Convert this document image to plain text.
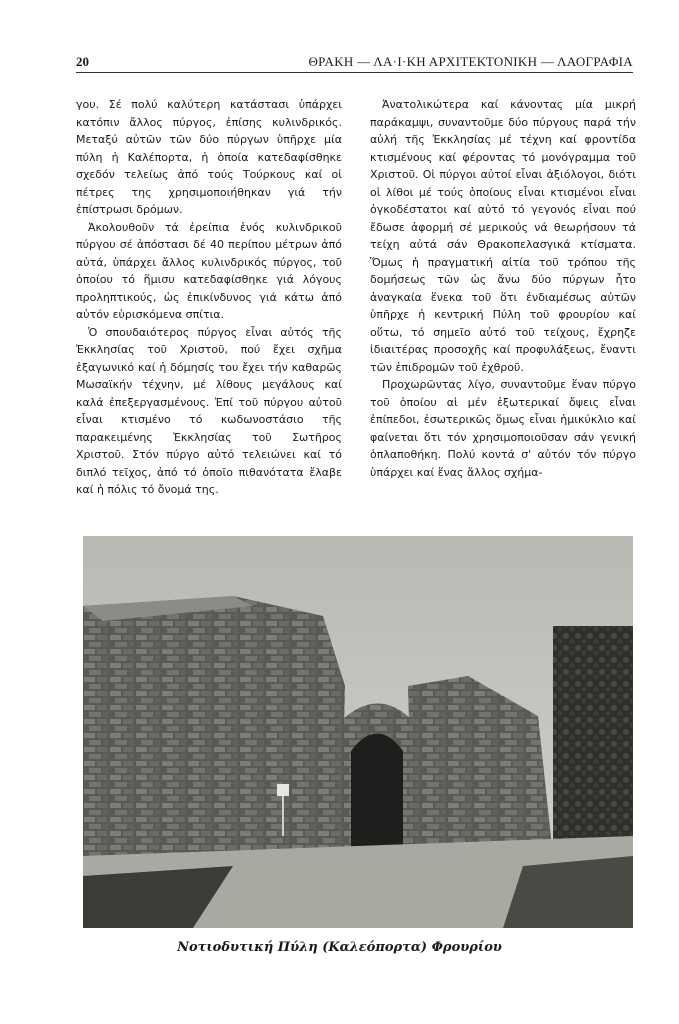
20	ΘΡΑΚΗ — ΛΑ·Ι·ΚΗ ΑΡΧΙΤΕΚΤΟΝΙΚΗ — ΛΑΟΓΡΑΦΙΑ

γου. Σέ πολύ καλύτερη κατάστασι ὑπάρχει κατόπιν ἄλλος πύργος, ἐπίσης κυλινδρικός. Μεταξύ αὐτῶν τῶν δύο πύργων ὑπῆρχε μία πύλη ἡ Καλέπορτα, ἡ ὁποία κατεδαφίσθηκε σχεδόν τελείως ἀπό τούς Τούρκους καί οἱ πέτρες της χρησιμοποιήθηκαν γιά τήν ἐπίστρωσι δρόμων.

Ἀκολουθοῦν τά ἐρείπια ἑνός κυλινδρικοῦ πύργου σέ ἀπόστασι δέ 40 περίπου μέτρων ἀπό αὐτά, ὑπάρχει ἄλλος κυλινδρικός πύργος, τοῦ ὁποίου τό ἥμισυ κατεδαφίσθηκε γιά λόγους προληπτικούς, ὡς ἐπικίνδυνος γιά κάτω ἀπό αὐτόν εὑρισκόμενα σπίτια.

Ὁ σπουδαιότερος πύργος εἶναι αὐτός τῆς Ἐκκλησίας τοῦ Χριστοῦ, πού ἔχει σχῆμα ἑξαγωνικό καί ἡ δόμησίς του ἔχει τήν καθαρῶς Μωσαϊκήν τέχνην, μέ λίθους μεγάλους καί καλά ἐπεξεργασμένους. Ἐπί τοῦ πύργου αὐτοῦ εἶναι κτισμένο τό κωδωνοστάσιο τῆς παρακειμένης Ἐκκλησίας τοῦ Σωτῆρος Χριστοῦ. Στόν πύργο αὐτό τελειώνει καί τό διπλό τεῖχος, ἀπό τό ὁποῖο πιθανότατα ἔλαβε καί ἡ πόλις τό ὄνομά της.

Ἀνατολικώτερα καί κάνοντας μία μικρή παράκαμψι, συναντοῦμε δύο πύργους παρά τήν αὐλή τῆς Ἐκκλησίας μέ τέχνη καί φροντίδα κτισμένους καί φέροντας τό μονόγραμμα τοῦ Χριστοῦ. Οἱ πύργοι αὐτοί εἶναι ἀξιόλογοι, διότι οἱ λίθοι μέ τούς ὁποίους εἶναι κτισμένοι εἶναι ὀγκοδέστατοι καί αὐτό τό γεγονός εἶναι πού ἔδωσε ἀφορμή σέ μερικούς νά θεωρήσουν τά τείχη αὐτά σάν Θρακοπελασγικά κτίσματα. Ὅμως ἡ πραγματική αἰτία τοῦ τρόπου τῆς δομήσεως τῶν ὡς ἄνω δύο πύργων ἦτο ἀναγκαία ἕνεκα τοῦ ὅτι ἐνδιαμέσως αὐτῶν ὑπῆρχε ἡ κεντρική Πύλη τοῦ φρουρίου καί οὕτω, τό σημεῖο αὐτό τοῦ τείχους, ἔχρηζε ἰδιαιτέρας προσοχῆς καί προφυλάξεως, ἔναντι τῶν ἐπιδρομῶν τοῦ ἐχθροῦ.

Προχωρῶντας λίγο, συναντοῦμε ἕναν πύργο τοῦ ὁποίου αἱ μέν ἐξωτερικαί ὄψεις εἶναι ἐπίπεδοι, ἐσωτερικῶς ὅμως εἶναι ἡμικύκλιο καί φαίνεται ὅτι τόν χρησιμοποιοῦσαν σάν γενική ὁπλαποθήκη. Πολύ κοντά σ' αὐτόν τόν πύργο ὑπάρχει καί ἕνας ἄλλος σχήμα-

Νοτιοδυτική Πύλη (Καλεόπορτα) Φρουρίου
